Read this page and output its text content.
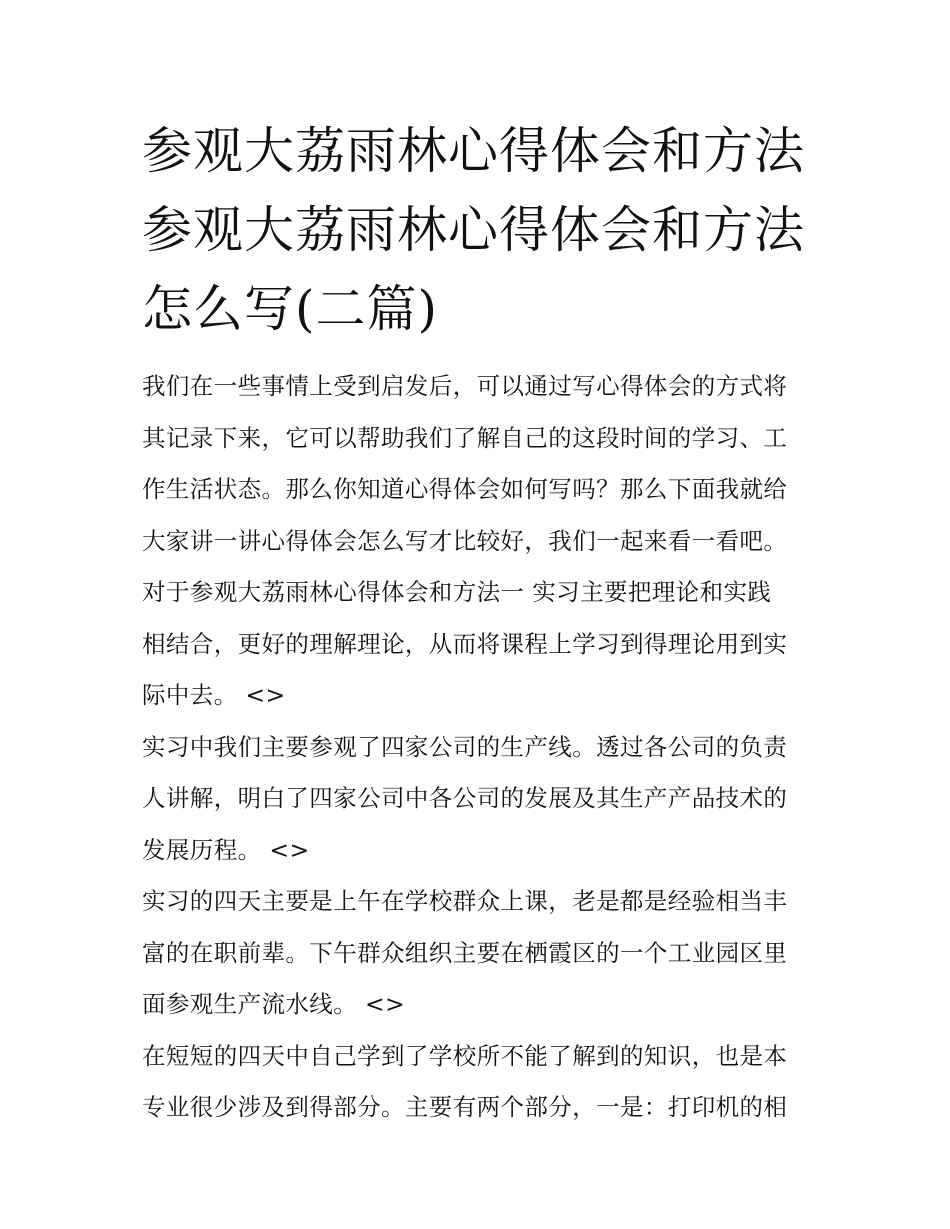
参观大荔雨林心得体会和方法
参观大荔雨林心得体会和方法
怎么写(二篇)

我们在一些事情上受到启发后，可以通过写心得体会的方式将
其记录下来，它可以帮助我们了解自己的这段时间的学习、工
作生活状态。那么你知道心得体会如何写吗？那么下面我就给
大家讲一讲心得体会怎么写才比较好，我们一起来看一看吧。

对于参观大荔雨林心得体会和方法一 实习主要把理论和实践
相结合，更好的理解理论，从而将课程上学习到得理论用到实
际中去。 <>

实习中我们主要参观了四家公司的生产线。透过各公司的负责
人讲解，明白了四家公司中各公司的发展及其生产产品技术的
发展历程。 <>

实习的四天主要是上午在学校群众上课，老是都是经验相当丰
富的在职前辈。下午群众组织主要在栖霞区的一个工业园区里
面参观生产流水线。 <>

在短短的四天中自己学到了学校所不能了解到的知识，也是本
专业很少涉及到得部分。主要有两个部分，一是：打印机的相
